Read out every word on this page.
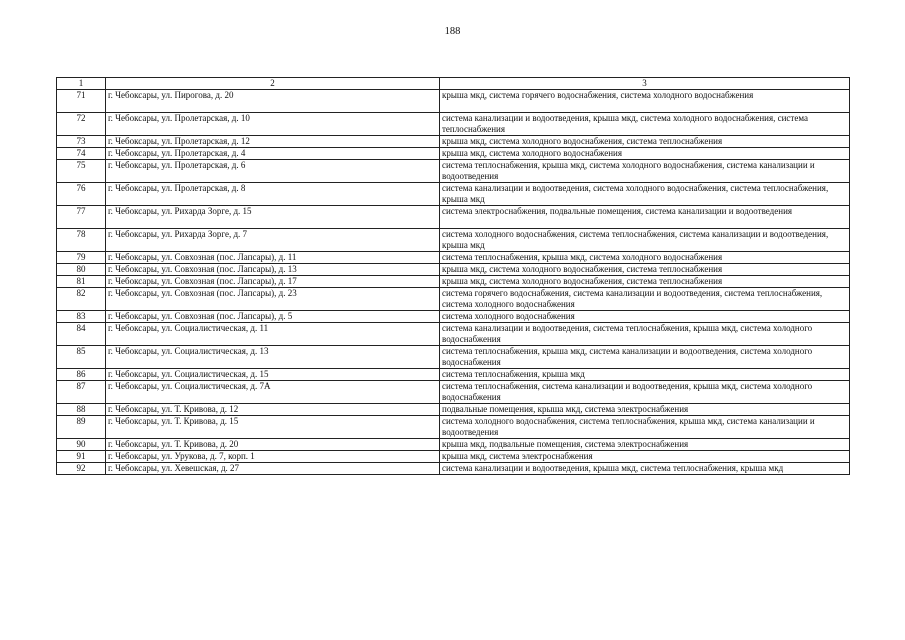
188
1	2	3
71	г. Чебоксары, ул. Пирогова, д. 20	крыша мкд, система горячего водоснабжения, система холодного водоснабжения
72	г. Чебоксары, ул. Пролетарская, д. 10	система канализации и водоотведения, крыша мкд, система холодного водоснабжения, система теплоснабжения
73	г. Чебоксары, ул. Пролетарская, д. 12	крыша мкд, система холодного водоснабжения, система теплоснабжения
74	г. Чебоксары, ул. Пролетарская, д. 4	крыша мкд, система холодного водоснабжения
75	г. Чебоксары, ул. Пролетарская, д. 6	система теплоснабжения, крыша мкд, система холодного водоснабжения, система канализации и водоотведения
76	г. Чебоксары, ул. Пролетарская, д. 8	система канализации и водоотведения, система холодного водоснабжения, система теплоснабжения, крыша мкд
77	г. Чебоксары, ул. Рихарда Зорге, д. 15	система электроснабжения, подвальные помещения, система канализации и водоотведения
78	г. Чебоксары, ул. Рихарда Зорге, д. 7	система холодного водоснабжения, система теплоснабжения, система канализации и водоотведения, крыша мкд
79	г. Чебоксары, ул. Совхозная (пос. Лапсары), д. 11	система теплоснабжения, крыша мкд, система холодного водоснабжения
80	г. Чебоксары, ул. Совхозная (пос. Лапсары), д. 13	крыша мкд, система холодного водоснабжения, система теплоснабжения
81	г. Чебоксары, ул. Совхозная (пос. Лапсары), д. 17	крыша мкд, система холодного водоснабжения, система теплоснабжения
82	г. Чебоксары, ул. Совхозная (пос. Лапсары), д. 23	система горячего водоснабжения, система канализации и водоотведения, система теплоснабжения, система холодного водоснабжения
83	г. Чебоксары, ул. Совхозная (пос. Лапсары), д. 5	система холодного водоснабжения
84	г. Чебоксары, ул. Социалистическая, д. 11	система канализации и водоотведения, система теплоснабжения, крыша мкд, система холодного водоснабжения
85	г. Чебоксары, ул. Социалистическая, д. 13	система теплоснабжения, крыша мкд, система канализации и водоотведения, система холодного водоснабжения
86	г. Чебоксары, ул. Социалистическая, д. 15	система теплоснабжения, крыша мкд
87	г. Чебоксары, ул. Социалистическая, д. 7А	система теплоснабжения, система канализации и водоотведения, крыша мкд, система холодного водоснабжения
88	г. Чебоксары, ул. Т. Кривова, д. 12	подвальные помещения, крыша мкд, система электроснабжения
89	г. Чебоксары, ул. Т. Кривова, д. 15	система холодного водоснабжения, система теплоснабжения, крыша мкд, система канализации и водоотведения
90	г. Чебоксары, ул. Т. Кривова, д. 20	крыша мкд, подвальные помещения, система электроснабжения
91	г. Чебоксары, ул. Урукова, д. 7, корп. 1	крыша мкд, система электроснабжения
92	г. Чебоксары, ул. Хевешская, д. 27	система канализации и водоотведения, крыша мкд, система теплоснабжения, крыша мкд
